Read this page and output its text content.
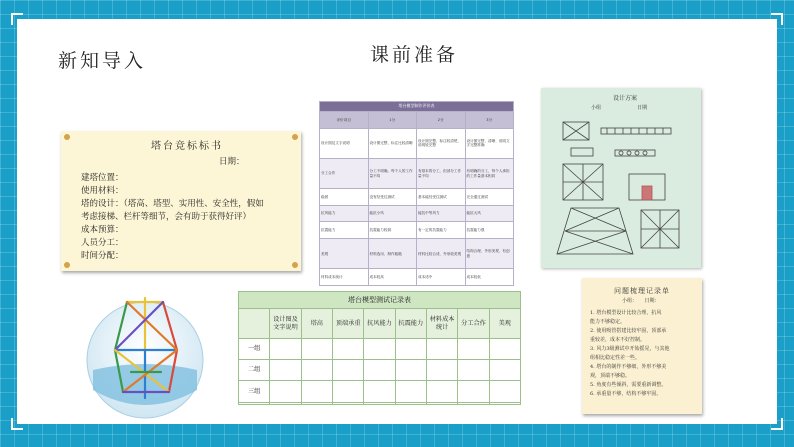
新知导入	课前准备
塔台模型制作评价表			
评价项目	1分	2分	3分
设计图及文字说明	设计图完整、标注比较清晰	设计图完整，标注较清楚，说明较完整	设计图完整、清晰、说明文字完整准确
分工合作	分工不明确，每个人的工作量不均	有基本的分工，但部分工作量不均	有明确的分工，每个人承担的工作量基本相同
稳固	没有经受住测试	基本能经受住测试	完全通过测试
抗风能力	能抗小风	能抗中等风力	能抗大风
抗震能力	抗震能力较弱	有一定的抗震能力	抗震能力强
美观	材料选用、制作粗糙	材料比较合适、外形较美观	结构合理、外形美观、有创意
材料成本统计	成本较高	成本适中	成本较低
塔台竞标标书
日期：
建塔位置：
使用材料：
塔的设计：（塔高、塔型、实用性、安全性，假如
考虑接梯、栏杆等细节，会有助于获得好评）
成本预算：
人员分工：
时间分配：
设计方案
小组	日期
塔台模型测试记录表								
	设计图及文字说明	塔高	顶端承重	抗风能力	抗震能力	材料成本统计	分工合作	美观
一组								
二组								
三组								

问题梳理记录单
小组：　　日期：
1. 塔台模型设计比较合理，抗风
能力不够稳定。
2. 使用吸管搭建比较牢固，顶部承
重较差，成本不好控制。
3. 风力3级测试中开始摇晃，与其他
组相比稳定性差一些。
4. 塔台的制作不够细，外形不够美
观，顶端不够稳。
5. 角度有些倾斜，需要重新调整。
6. 承重量不够，结构不够牢固。
